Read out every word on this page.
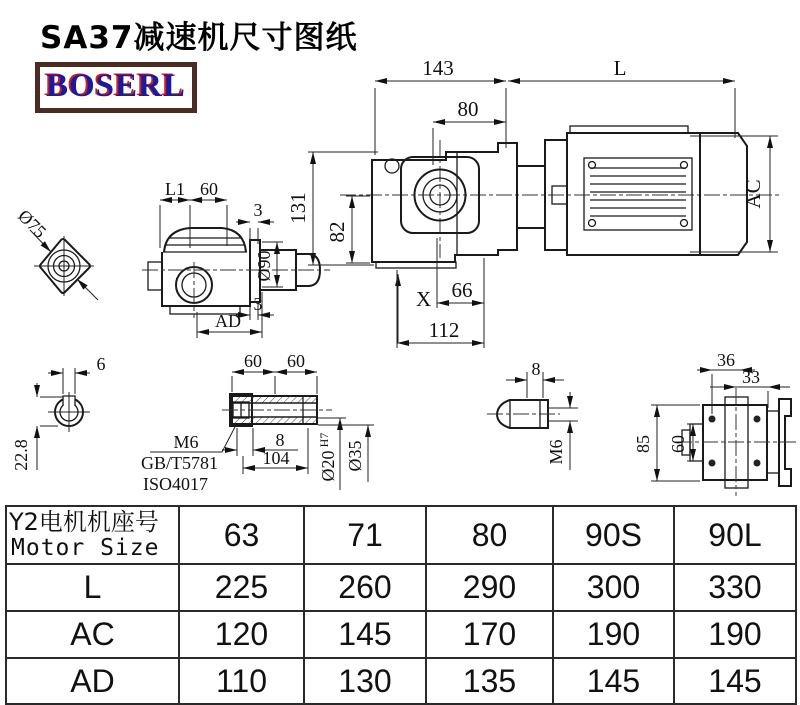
SA37减速机尺寸图纸
BOSERL	143	L
80
131
82
AC
X 66
112
Ø75
L1 60
3
3
Ø90
AD
6
22.8
60 60
8
104
M6
GB/T5781
ISO4017
Ø20
H7
Ø35
8
M6
36
33
85 60
Y2电机机座号
Motor Size	63	71	80	90S	90L
L	225	260	290	300	330
AC	120	145	170	190	190
AD	110	130	135	145	145
